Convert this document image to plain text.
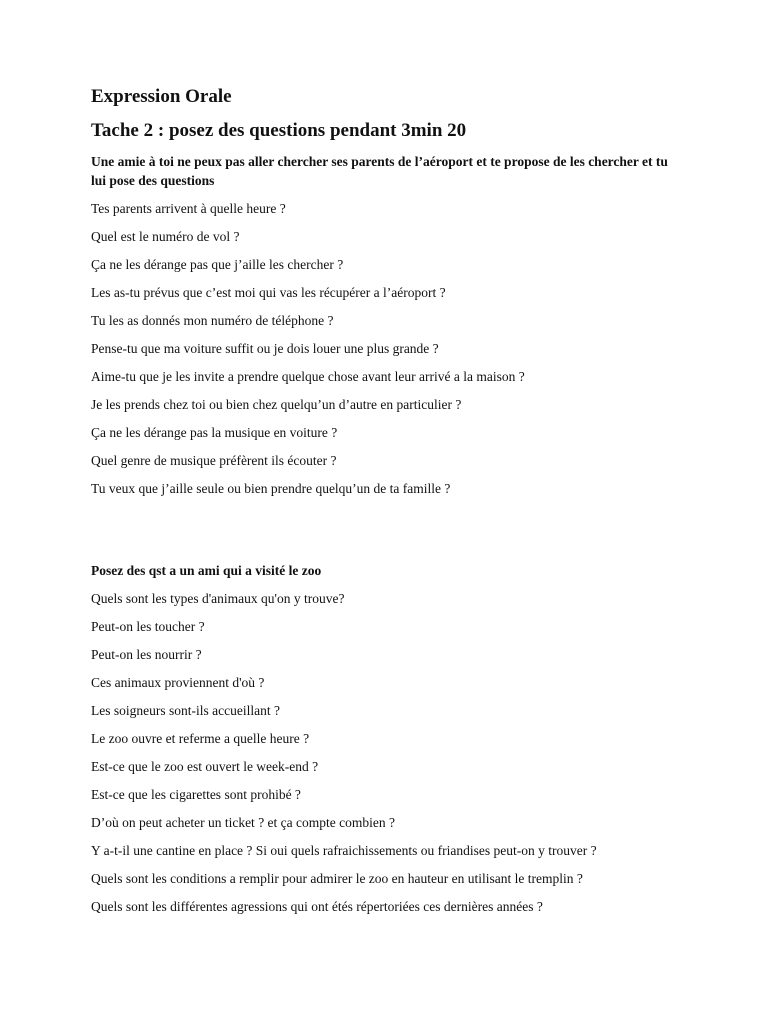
Expression Orale
Tache 2 : posez des questions pendant 3min 20
Une amie à toi ne peux pas aller chercher ses parents de l’aéroport et te propose de les chercher et tu lui pose des questions
Tes parents arrivent à quelle heure ?
Quel est le numéro de vol ?
Ça ne les dérange pas que j’aille les chercher ?
Les as-tu prévus que c’est moi qui vas les récupérer a l’aéroport ?
Tu les as donnés mon numéro de téléphone ?
Pense-tu que ma voiture suffit ou je dois louer une plus grande ?
Aime-tu que je les invite a prendre quelque chose avant leur arrivé a la maison ?
Je les prends chez toi ou bien chez quelqu’un d’autre en particulier ?
Ça ne les dérange pas la musique en voiture ?
Quel genre de musique préfèrent ils écouter ?
Tu veux que j’aille seule ou bien prendre quelqu’un de ta famille ?
Posez des qst a un ami qui a visité le zoo
Quels sont les types d'animaux qu'on y trouve?
Peut-on les toucher ?
Peut-on les nourrir ?
Ces animaux proviennent d'où ?
Les soigneurs sont-ils accueillant ?
Le zoo ouvre et referme a quelle heure ?
Est-ce que le zoo est ouvert le week-end ?
Est-ce que les cigarettes sont prohibé ?
D’où on peut acheter un ticket ? et ça compte combien ?
Y a-t-il une cantine en place ? Si oui quels rafraichissements ou friandises peut-on y trouver ?
Quels sont les conditions a remplir pour admirer le zoo en hauteur en utilisant le tremplin ?
Quels sont les différentes agressions qui ont étés répertoriées ces dernières années ?
